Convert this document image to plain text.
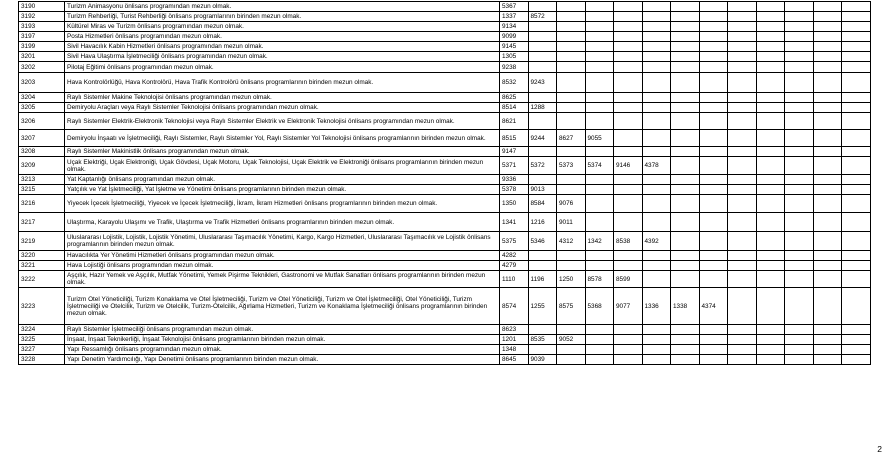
3190	Turizm Animasyonu önlisans programından mezun olmak.	5367												
3192	Turizm Rehberliği, Turist Rehberliği önlisans programlarının birinden mezun olmak.	1337	8572											
3193	Kültürel Miras ve Turizm önlisans programından mezun olmak.	9134												
3197	Posta Hizmetleri önlisans programından mezun olmak.	9099												
3199	Sivil Havacılık Kabin Hizmetleri önlisans programından mezun olmak.	9145												
3201	Sivil Hava Ulaştırma İşletmeciliği önlisans programından mezun olmak.	1305												
3202	Pilotaj Eğitimi önlisans programından mezun olmak.	9238												
3203	Hava Kontrolörlüğü, Hava Kontrolörü, Hava Trafik Kontrolörü önlisans programlarının birinden mezun olmak.	8532	9243											
3204	Raylı Sistemler Makine Teknolojisi önlisans programından mezun olmak.	8625												
3205	Demiryolu Araçları veya Raylı Sistemler Teknolojisi önlisans programından mezun olmak.	8514	1288											
3206	Raylı Sistemler Elektrik-Elektronik Teknolojisi veya Raylı Sistemler Elektrik ve Elektronik Teknolojisi önlisans programından mezun olmak.	8621												
3207	Demiryolu İnşaatı ve İşletmeciliği, Raylı Sistemler, Raylı Sistemler Yol, Raylı Sistemler Yol Teknolojisi önlisans programlarının birinden mezun olmak.	8515	9244	8627	9055									
3208	Raylı Sistemler Makinistlik önlisans programından mezun olmak.	9147												
3209	Uçak Elektriği, Uçak Elektroniği, Uçak Gövdesi, Uçak Motoru, Uçak Teknolojisi, Uçak Elektrik ve Elektroniği önlisans programlarının birinden mezun olmak.	5371	5372	5373	5374	9146	4378							
3213	Yat Kaptanlığı önlisans programından mezun olmak.	9336												
3215	Yatçılık ve Yat İşletmeciliği, Yat İşletme ve Yönetimi önlisans programlarının birinden mezun olmak.	5378	9013											
3216	Yiyecek İçecek İşletmeciliği, Yiyecek ve İçecek İşletmeciliği, İkram, İkram Hizmetleri önlisans programlarının birinden mezun olmak.	1350	8584	9076										
3217	Ulaştırma, Karayolu Ulaşımı ve Trafik, Ulaştırma ve Trafik Hizmetleri önlisans programlarının birinden mezun olmak.	1341	1216	9011										
3219	Uluslararası Lojistik, Lojistik, Lojistik Yönetimi, Uluslararası Taşımacılık Yönetimi, Kargo, Kargo Hizmetleri, Uluslararası Taşımacılık ve Lojistik önlisans programlarının birinden mezun olmak.	5375	5346	4312	1342	8538	4392							
3220	Havacılıkta Yer Yönetimi Hizmetleri önlisans programından mezun olmak.	4282												
3221	Hava Lojistiği önlisans programından mezun olmak.	4279												
3222	Aşçılık, Hazır Yemek ve Aşçılık, Mutfak Yönetimi, Yemek Pişirme Teknikleri, Gastronomi ve Mutfak Sanatları önlisans programlarının birinden mezun olmak.	1110	1196	1250	8578	8599								
3223	Turizm Otel Yöneticiliği, Turizm Konaklama ve Otel İşletmeciliği, Turizm ve Otel Yöneticiliği, Turizm ve Otel İşletmeciliği, Otel Yöneticiliği, Turizm İşletmeciliği ve Otelcilik, Turizm ve Otelcilik, Turizm-Otelcilik, Ağırlama Hizmetleri, Turizm ve Konaklama İşletmeciliği önlisans programlarının birinden mezun olmak.	8574	1255	8575	5368	9077	1336	1338	4374					
3224	Raylı Sistemler İşletmeciliği önlisans programından mezun olmak.	8623												
3225	İnşaat, İnşaat Teknikerliği, İnşaat Teknolojisi önlisans programlarının birinden mezun olmak.	1201	8535	9052										
3227	Yapı Ressamlığı önlisans programından mezun olmak.	1348												
3228	Yapı Denetim Yardımcılığı, Yapı Denetimi önlisans programlarının birinden mezun olmak.	8645	9039											
2
